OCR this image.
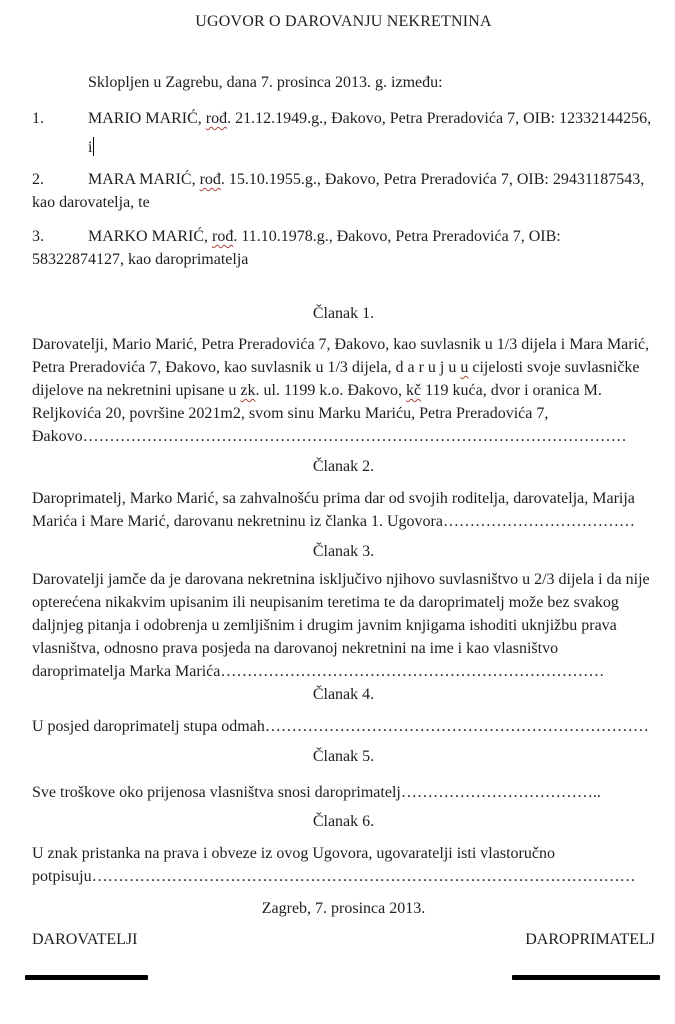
UGOVOR O DAROVANJU NEKRETNINA

Sklopljen u Zagrebu, dana 7. prosinca 2013. g. između:

1.	MARIO MARIĆ, rođ. 21.12.1949.g., Đakovo, Petra Preradovića 7, OIB: 12332144256,

i

2.	MARA MARIĆ, rođ. 15.10.1955.g., Đakovo, Petra Preradovića 7, OIB: 29431187543, kao darovatelja, te

3.	MARKO MARIĆ, rođ. 11.10.1978.g., Đakovo, Petra Preradovića 7, OIB: 58322874127, kao daroprimatelja

Članak 1.

Darovatelji, Mario Marić, Petra Preradovića 7, Đakovo, kao suvlasnik u 1/3 dijela i Mara Marić, Petra Preradovića 7, Đakovo, kao suvlasnik u 1/3 dijela, d a r u j u u cijelosti svoje suvlasničke dijelove na nekretnini upisane u zk. ul. 1199 k.o. Đakovo, kč 119 kuća, dvor i oranica M. Reljkovića 20, površine 2021m2, svom sinu Marku Mariću, Petra Preradovića 7, Đakovo…………………………………………………………………………………………

Članak 2.

Daroprimatelj, Marko Marić, sa zahvalnošću prima dar od svojih roditelja, darovatelja, Marija Marića i Mare Marić, darovanu nekretninu iz članka 1. Ugovora………………………………

Članak 3.

Darovatelji jamče da je darovana nekretnina isključivo njihovo suvlasništvo u 2/3 dijela i da nije opterećena nikakvim upisanim ili neupisanim teretima te da daroprimatelj može bez svakog daljnjeg pitanja i odobrenja u zemljišnim i drugim javnim knjigama ishoditi uknjižbu prava vlasništva, odnosno prava posjeda na darovanoj nekretnini na ime i kao vlasništvo daroprimatelja Marka Marića………………………………………………………………

Članak 4.

U posjed daroprimatelj stupa odmah………………………………………………………………

Članak 5.

Sve troškove oko prijenosa vlasništva snosi daroprimatelj………………………………..

Članak 6.

U znak pristanka na prava i obveze iz ovog Ugovora, ugovaratelji isti vlastoručno potpisuju…………………………………………………………………………………………

Zagreb, 7. prosinca 2013.

DAROVATELJI	DAROPRIMATELJ
